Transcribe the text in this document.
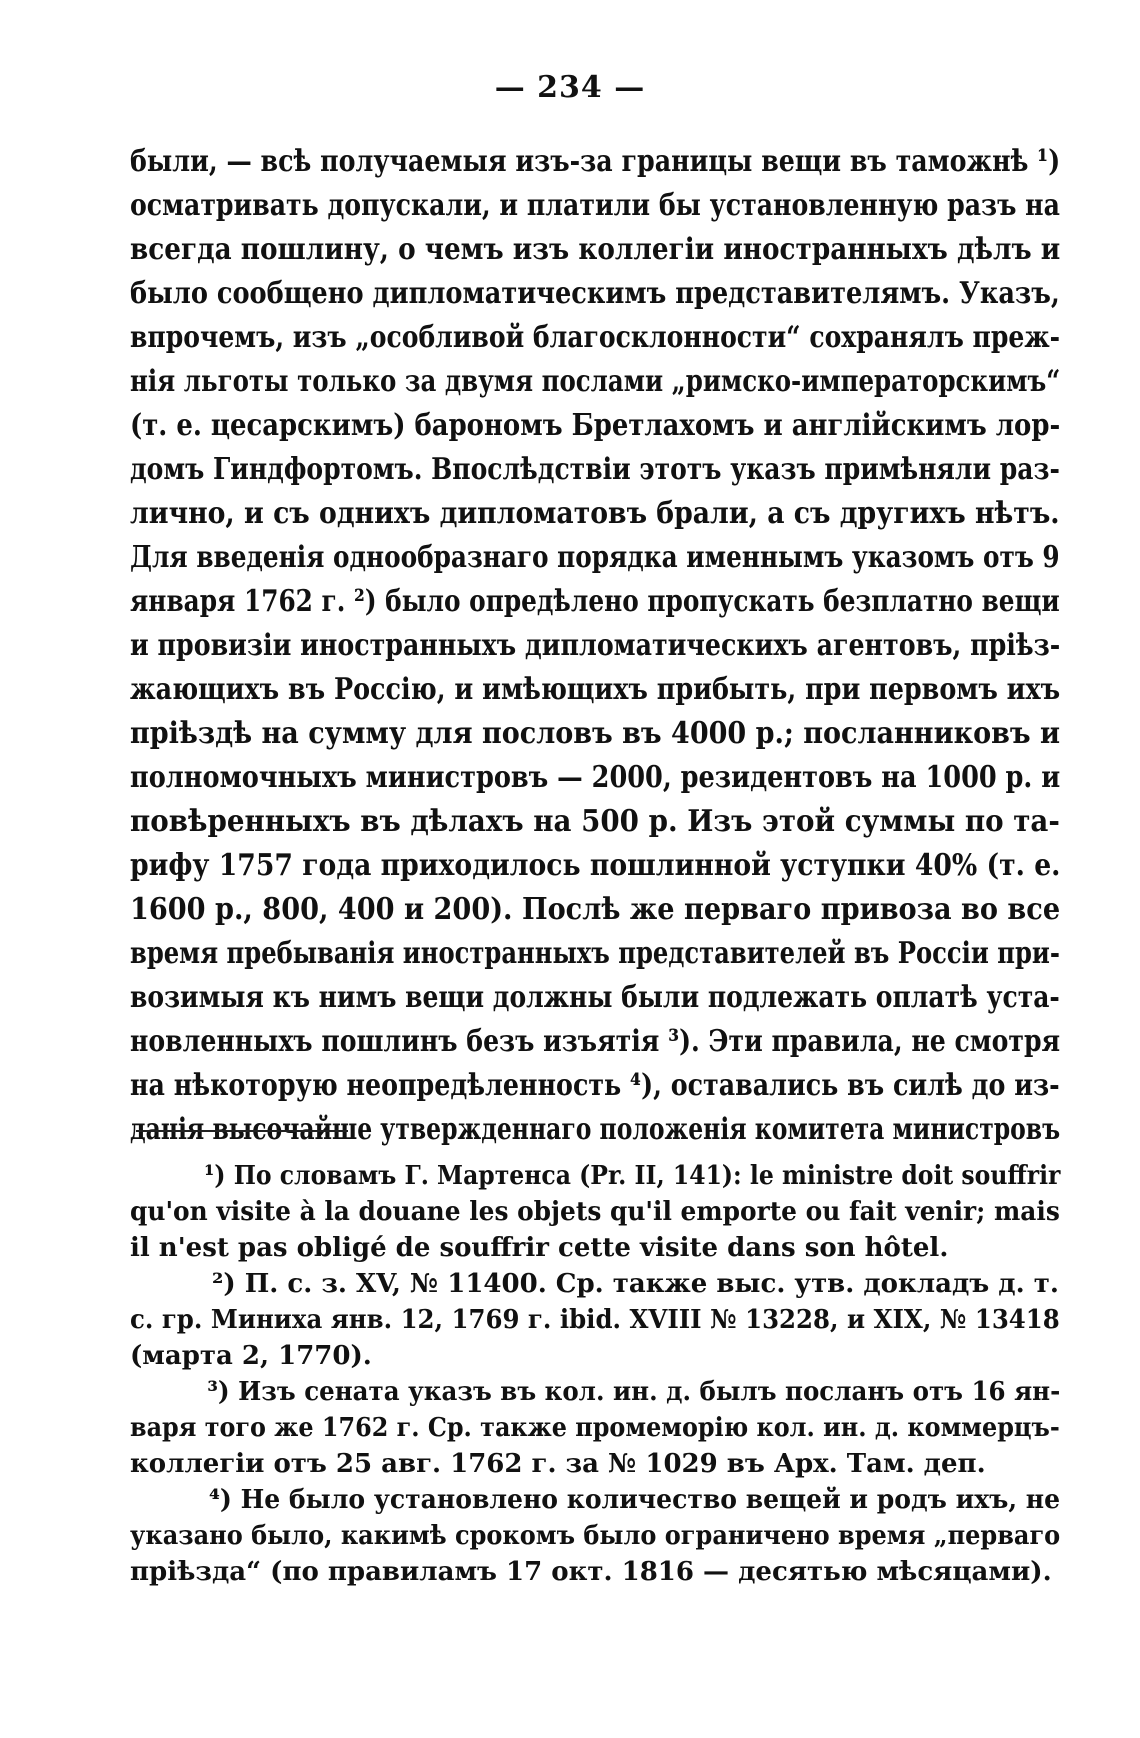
— 234 —
были, — всѣ получаемыя изъ-за границы вещи въ таможнѣ ¹)
осматривать допускали, и платили бы установленную разъ на
всегда пошлину, о чемъ изъ коллегіи иностранныхъ дѣлъ и
было сообщено дипломатическимъ представителямъ. Указъ,
впрочемъ, изъ „особливой благосклонности“ сохранялъ преж-
нія льготы только за двумя послами „римско-императорскимъ“
(т. е. цесарскимъ) барономъ Бретлахомъ и англійскимъ лор-
домъ Гиндфортомъ. Впослѣдствіи этотъ указъ примѣняли раз-
лично, и съ однихъ дипломатовъ брали, а съ другихъ нѣтъ.
Для введенія однообразнаго порядка именнымъ указомъ отъ 9
января 1762 г. ²) было опредѣлено пропускать безплатно вещи
и провизіи иностранныхъ дипломатическихъ агентовъ, пріѣз-
жающихъ въ Россію, и имѣющихъ прибыть, при первомъ ихъ
пріѣздѣ на сумму для пословъ въ 4000 р.; посланниковъ и
полномочныхъ министровъ — 2000, резидентовъ на 1000 р. и
повѣренныхъ въ дѣлахъ на 500 р. Изъ этой суммы по та-
рифу 1757 года приходилось пошлинной уступки 40% (т. е.
1600 р., 800, 400 и 200). Послѣ же перваго привоза во все
время пребыванія иностранныхъ представителей въ Россіи при-
возимыя къ нимъ вещи должны были подлежать оплатѣ уста-
новленныхъ пошлинъ безъ изъятія ³). Эти правила, не смотря
на нѣкоторую неопредѣленность ⁴), оставались въ силѣ до из-
данія высочайше утвержденнаго положенія комитета министровъ
¹) По словамъ Г. Мартенса (Pr. II, 141): le ministre doit souffrir
qu'on visite à la douane les objets qu'il emporte ou fait venir; mais
il n'est pas obligé de souffrir cette visite dans son hôtel.
²) П. с. з. XV, № 11400. Ср. также выс. утв. докладъ д. т.
с. гр. Миниха янв. 12, 1769 г. ibid. XVIII № 13228, и XIX, № 13418
(марта 2, 1770).
³) Изъ сената указъ въ кол. ин. д. былъ посланъ отъ 16 ян-
варя того же 1762 г. Ср. также промеморію кол. ин. д. коммерцъ-
коллегіи отъ 25 авг. 1762 г. за № 1029 въ Арх. Там. деп.
⁴) Не было установлено количество вещей и родъ ихъ, не
указано было, какимѣ срокомъ было ограничено время „перваго
пріѣзда“ (по правиламъ 17 окт. 1816 — десятью мѣсяцами).
